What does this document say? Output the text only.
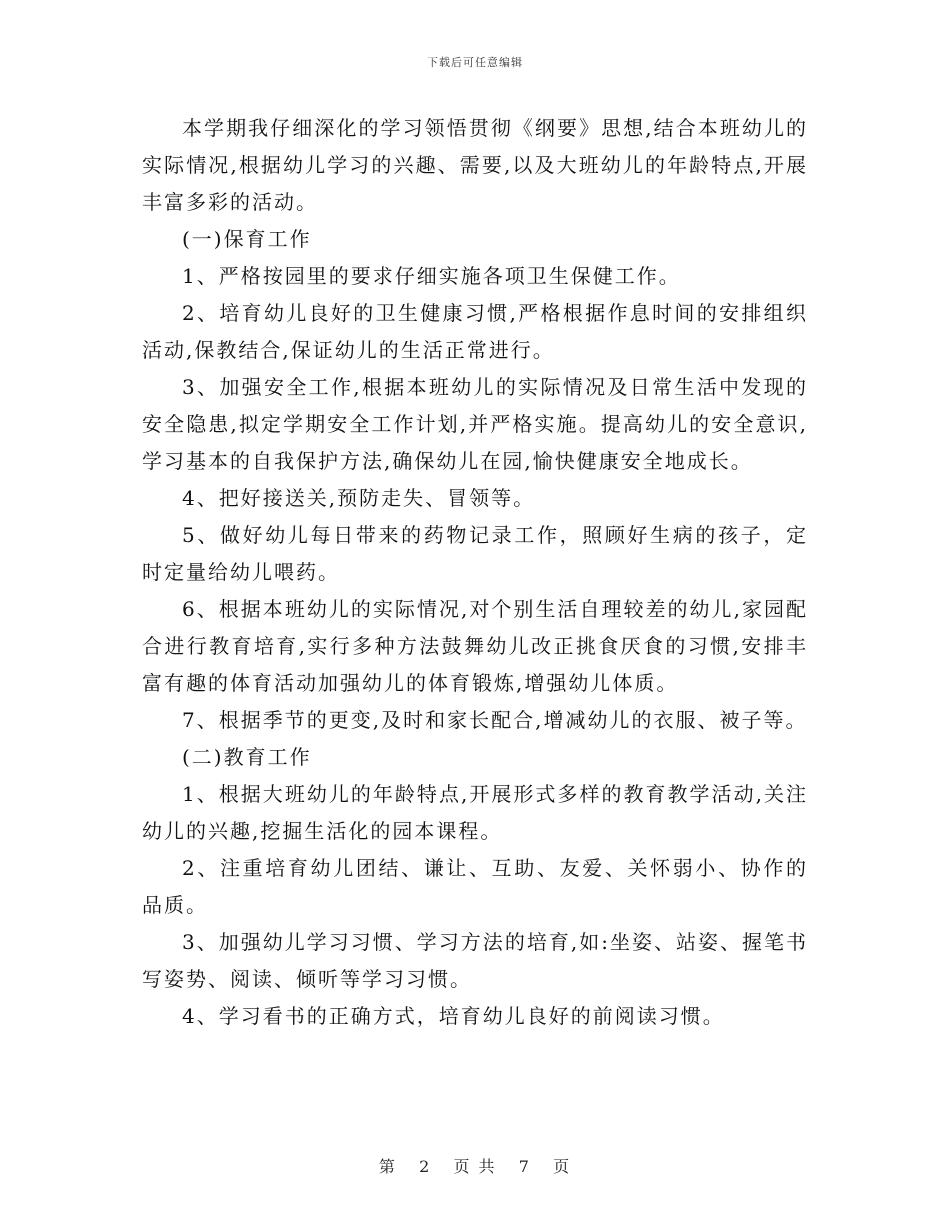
下载后可任意编辑

本学期我仔细深化的学习领悟贯彻《纲要》思想,结合本班幼儿的实际情况,根据幼儿学习的兴趣、需要,以及大班幼儿的年龄特点,开展丰富多彩的活动。

(一)保育工作

1、严格按园里的要求仔细实施各项卫生保健工作。

2、培育幼儿良好的卫生健康习惯,严格根据作息时间的安排组织活动,保教结合,保证幼儿的生活正常进行。

3、加强安全工作,根据本班幼儿的实际情况及日常生活中发现的安全隐患,拟定学期安全工作计划,并严格实施。提高幼儿的安全意识,学习基本的自我保护方法,确保幼儿在园,愉快健康安全地成长。

4、把好接送关,预防走失、冒领等。

5、做好幼儿每日带来的药物记录工作，照顾好生病的孩子，定时定量给幼儿喂药。

6、根据本班幼儿的实际情况,对个别生活自理较差的幼儿,家园配合进行教育培育,实行多种方法鼓舞幼儿改正挑食厌食的习惯,安排丰富有趣的体育活动加强幼儿的体育锻炼,增强幼儿体质。

7、根据季节的更变,及时和家长配合,增减幼儿的衣服、被子等。

(二)教育工作

1、根据大班幼儿的年龄特点,开展形式多样的教育教学活动,关注幼儿的兴趣,挖掘生活化的园本课程。

2、注重培育幼儿团结、谦让、互助、友爱、关怀弱小、协作的品质。

3、加强幼儿学习习惯、学习方法的培育,如:坐姿、站姿、握笔书写姿势、阅读、倾听等学习习惯。

4、学习看书的正确方式，培育幼儿良好的前阅读习惯。

第 2 页 共 7 页
